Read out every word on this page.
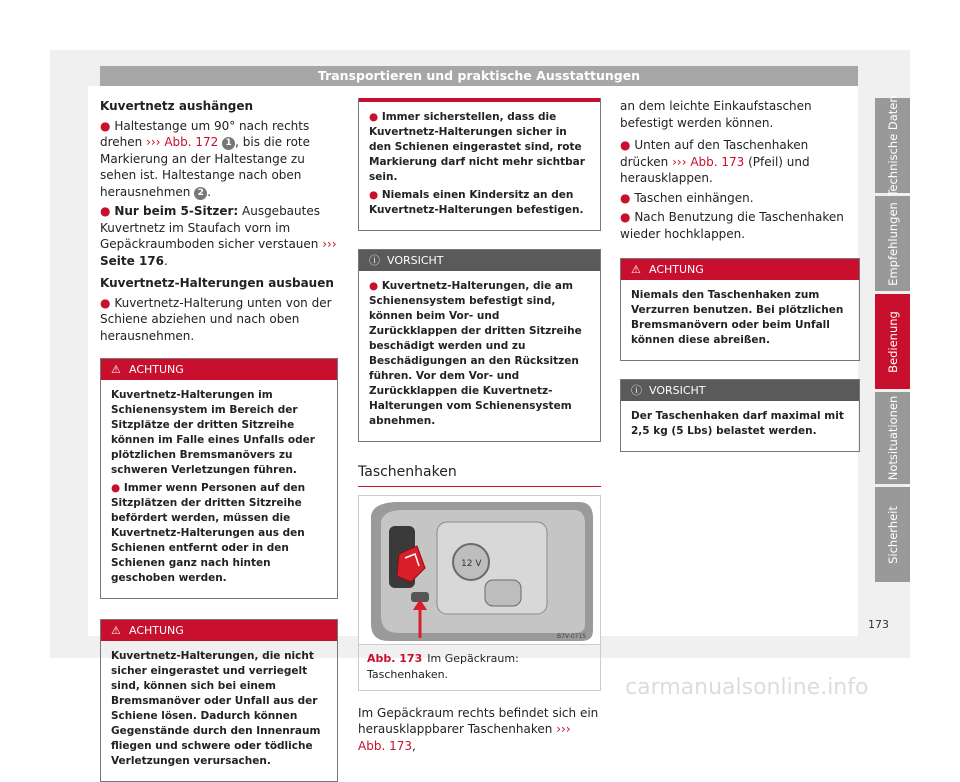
Transportieren und praktische Ausstattungen
Kuvertnetz aushängen

● Haltestange um 90° nach rechts drehen ››› Abb. 172 1 , bis die rote Markierung an der Haltestange zu sehen ist. Haltestange nach oben herausnehmen 2 .

● Nur beim 5-Sitzer: Ausgebautes Kuvertnetz im Staufach vorn im Gepäckraumboden sicher verstauen ››› Seite 176.

Kuvertnetz-Halterungen ausbauen

● Kuvertnetz-Halterung unten von der Schiene abziehen und nach oben herausnehmen.

⚠ ACHTUNG

Kuvertnetz-Halterungen im Schienensystem im Bereich der Sitzplätze der dritten Sitzreihe können im Falle eines Unfalls oder plötzlichen Bremsmanövers zu schweren Verletzungen führen.

● Immer wenn Personen auf den Sitzplätzen der dritten Sitzreihe befördert werden, müssen die Kuvertnetz-Halterungen aus den Schienen entfernt oder in den Schienen ganz nach hinten geschoben werden.

⚠ ACHTUNG

Kuvertnetz-Halterungen, die nicht sicher eingerastet und verriegelt sind, können sich bei einem Bremsmanöver oder Unfall aus der Schiene lösen. Dadurch können Gegenstände durch den Innenraum fliegen und schwere oder tödliche Verletzungen verursachen.

● Immer sicherstellen, dass die Kuvertnetz-Halterungen sicher in den Schienen eingerastet sind, rote Markierung darf nicht mehr sichtbar sein.

● Niemals einen Kindersitz an den Kuvertnetz-Halterungen befestigen.

ⓘ VORSICHT

● Kuvertnetz-Halterungen, die am Schienensystem befestigt sind, können beim Vor- und Zurückklappen der dritten Sitzreihe beschädigt werden und zu Beschädigungen an den Rücksitzen führen. Vor dem Vor- und Zurückklappen die Kuvertnetz-Halterungen vom Schienensystem abnehmen.

Taschenhaken
12 V
B7V-0715
Abb. 173 Im Gepäckraum: Taschenhaken.

Im Gepäckraum rechts befindet sich ein herausklappbarer Taschenhaken ››› Abb. 173,

an dem leichte Einkaufstaschen befestigt werden können.

● Unten auf den Taschenhaken drücken ››› Abb. 173 (Pfeil) und herausklappen.

● Taschen einhängen.

● Nach Benutzung die Taschenhaken wieder hochklappen.

⚠ ACHTUNG

Niemals den Taschenhaken zum Verzurren benutzen. Bei plötzlichen Bremsmanövern oder beim Unfall können diese abreißen.

ⓘ VORSICHT

Der Taschenhaken darf maximal mit 2,5 kg (5 Lbs) belastet werden.

Technische Daten
Empfehlungen
Bedienung
Notsituationen
Sicherheit
173
carmanualsonline.info
